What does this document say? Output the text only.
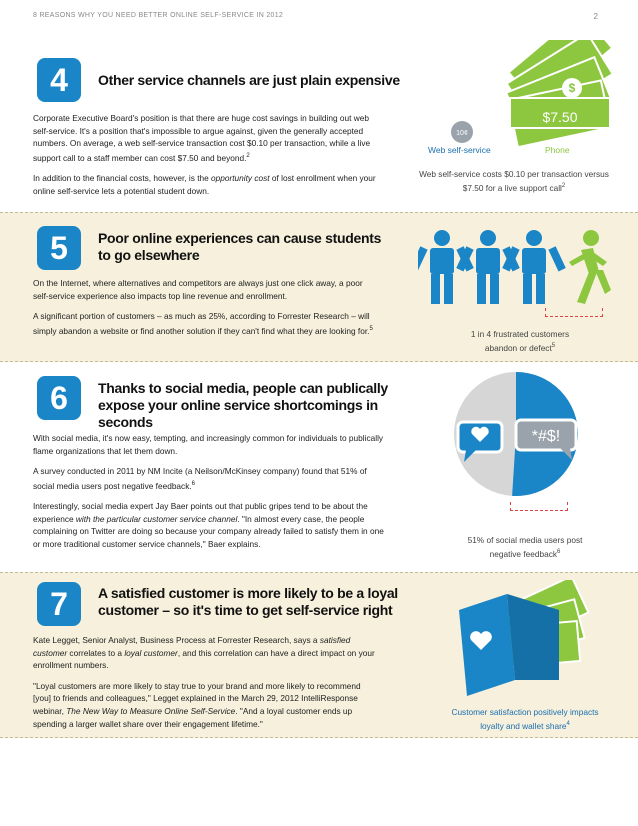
8 REASONS WHY YOU NEED BETTER ONLINE SELF-SERVICE IN 2012	2
4	Other service channels are just plain expensive

Corporate Executive Board's position is that there are huge cost savings in building out web self-service. It's a position that's impossible to argue against, given the generally accepted numbers. On average, a web self-service transaction cost $0.10 per transaction, while a live support call to a staff member can cost $7.50 and beyond.$^2$

In addition to the financial costs, however, is the opportunity cost of lost enrollment when your online self-service lets a potential student down.

$
$7.50
10¢
Web self-service	Phone
Web self-service costs $0.10 per transaction versus $7.50 for a live support call$^2$
5	Poor online experiences can cause students
to go elsewhere

On the Internet, where alternatives and competitors are always just one click away, a poor self-service experience also impacts top line revenue and enrollment.

A significant portion of customers – as much as 25%, according to Forrester Research – will simply abandon a website or find another solution if they can't find what they are looking for.$^5$

1 in 4 frustrated customers
abandon or defect$^5$
6	Thanks to social media, people can publically
expose your online service shortcomings in seconds

With social media, it's now easy, tempting, and increasingly common for individuals to publically flame organizations that let them down.

A survey conducted in 2011 by NM Incite (a Neilson/McKinsey company) found that 51% of social media users post negative feedback.$^6$

Interestingly, social media expert Jay Baer points out that public gripes tend to be about the experience with the particular customer service channel. "In almost every case, the people complaining on Twitter are doing so because your company already failed to satisfy them in one or more traditional customer service channels," Baer explains.

*#$!
51% of social media users post
negative feedback$^6$
7	A satisfied customer is more likely to be a loyal
customer – so it's time to get self-service right

Kate Legget, Senior Analyst, Business Process at Forrester Research, says a satisfied customer correlates to a loyal customer, and this correlation can have a direct impact on your enrollment numbers.

"Loyal customers are more likely to stay true to your brand and more likely to recommend [you] to friends and colleagues," Legget explained in the March 29, 2012 IntelliResponse webinar, The New Way to Measure Online Self-Service. "And a loyal customer ends up spending a larger wallet share over their engagement lifetime."

Customer satisfaction positively impacts
loyalty and wallet share$^4$
